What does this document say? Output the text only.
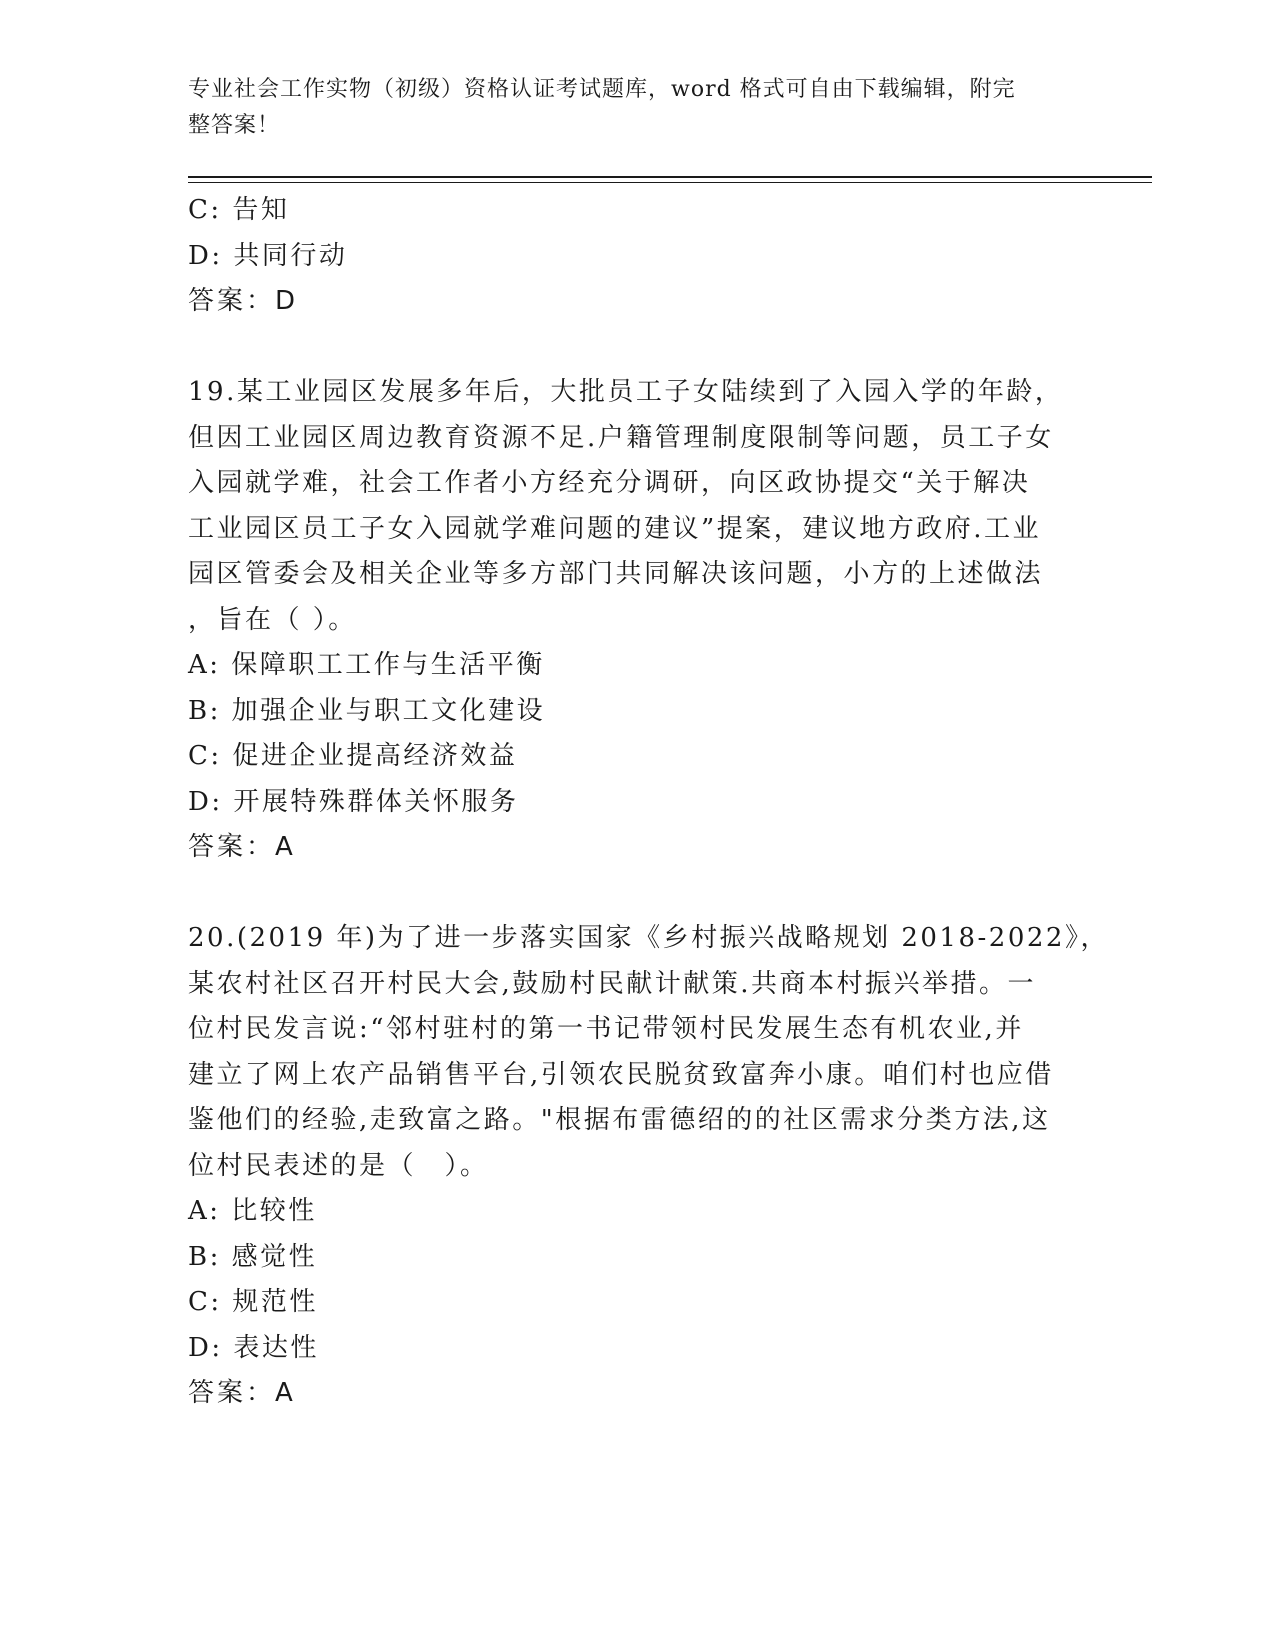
专业社会工作实物（初级）资格认证考试题库，word 格式可自由下载编辑，附完
整答案！
C: 告知
D: 共同行动
答案：D
19.某工业园区发展多年后，大批员工子女陆续到了入园入学的年龄，
但因工业园区周边教育资源不足.户籍管理制度限制等问题，员工子女
入园就学难，社会工作者小方经充分调研，向区政协提交“关于解决
工业园区员工子女入园就学难问题的建议”提案，建议地方政府.工业
园区管委会及相关企业等多方部门共同解决该问题，小方的上述做法
，旨在（ ）。
A: 保障职工工作与生活平衡
B: 加强企业与职工文化建设
C: 促进企业提高经济效益
D: 开展特殊群体关怀服务
答案：A
20.(2019 年)为了进一步落实国家《乡村振兴战略规划 2018-2022》，
某农村社区召开村民大会,鼓励村民献计献策.共商本村振兴举措。一
位村民发言说:“邻村驻村的第一书记带领村民发展生态有机农业,并
建立了网上农产品销售平台,引领农民脱贫致富奔小康。咱们村也应借
鉴他们的经验,走致富之路。"根据布雷德绍的的社区需求分类方法,这
位村民表述的是（　）。
A: 比较性
B: 感觉性
C: 规范性
D: 表达性
答案：A
